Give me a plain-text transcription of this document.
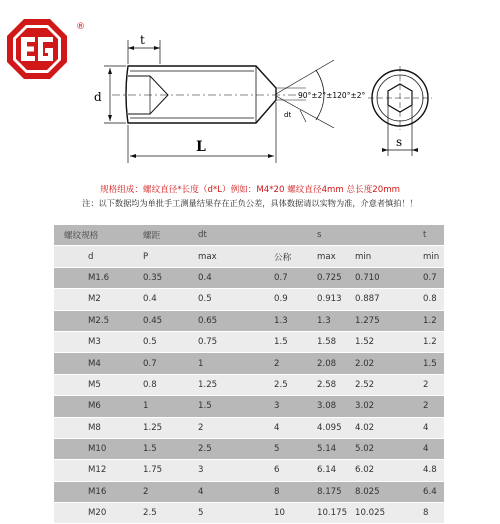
®
t
d
L
dt
90°±2°±120°±2°
s
规格组成：螺纹直径*长度（d*L）例如：M4*20 螺纹直径4mm 总长度20mm
注：以下数据均为单批手工测量结果存在正负公差，具体数据请以实物为准，介意者慎拍！！
螺纹规格	螺距	dt		s		t
d	P	max	公称	max	min	min
M1.6	0.35	0.4	0.7	0.725	0.710	0.7
M2	0.4	0.5	0.9	0.913	0.887	0.8
M2.5	0.45	0.65	1.3	1.3	1.275	1.2
M3	0.5	0.75	1.5	1.58	1.52	1.2
M4	0.7	1	2	2.08	2.02	1.5
M5	0.8	1.25	2.5	2.58	2.52	2
M6	1	1.5	3	3.08	3.02	2
M8	1.25	2	4	4.095	4.02	4
M10	1.5	2.5	5	5.14	5.02	4
M12	1.75	3	6	6.14	6.02	4.8
M16	2	4	8	8.175	8.025	6.4
M20	2.5	5	10	10.175	10.025	8
